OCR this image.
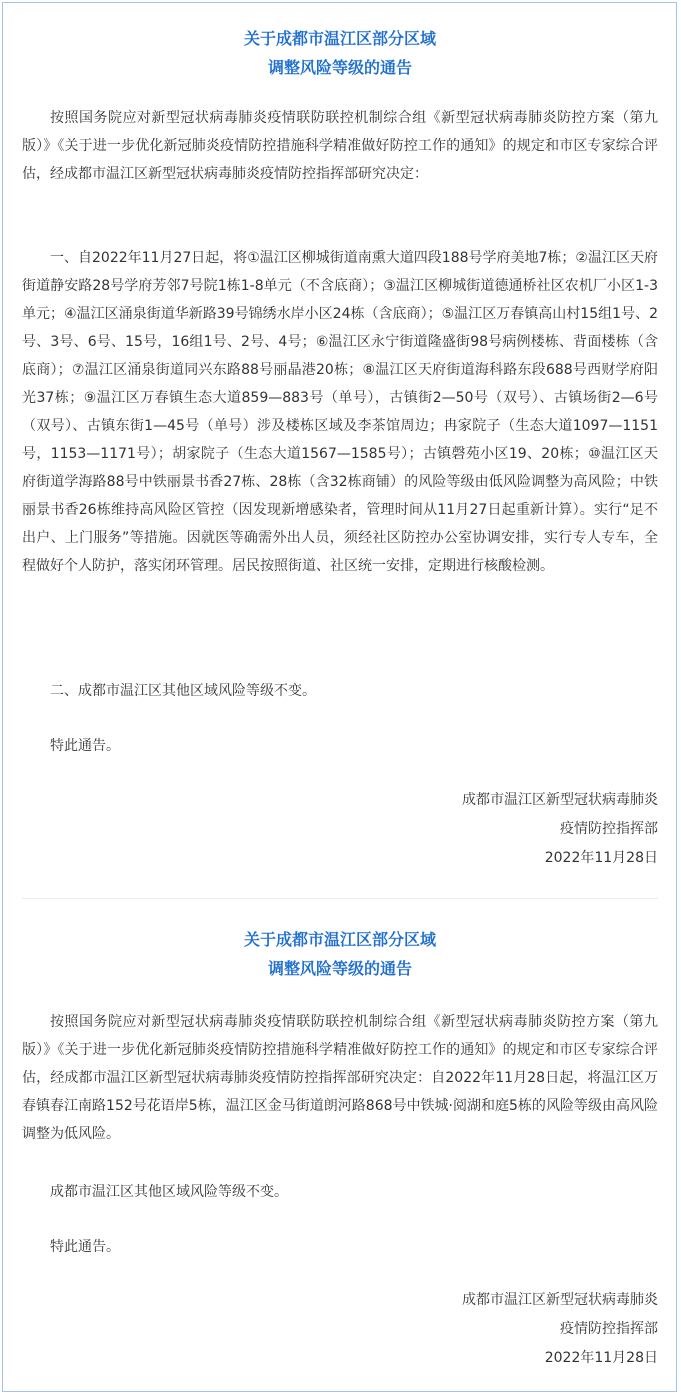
关于成都市温江区部分区域

调整风险等级的通告

按照国务院应对新型冠状病毒肺炎疫情联防联控机制综合组《新型冠状病毒肺炎防控方案（第九版）》《关于进一步优化新冠肺炎疫情防控措施科学精准做好防控工作的通知》的规定和市区专家综合评估，经成都市温江区新型冠状病毒肺炎疫情防控指挥部研究决定：

一、自2022年11月27日起，将①温江区柳城街道南熏大道四段188号学府美地7栋；②温江区天府街道静安路28号学府芳邻7号院1栋1-8单元（不含底商）；③温江区柳城街道德通桥社区农机厂小区1-3单元；④温江区涌泉街道华新路39号锦绣水岸小区24栋（含底商）；⑤温江区万春镇高山村15组1号、2号、3号、6号、15号，16组1号、2号、4号；⑥温江区永宁街道隆盛街98号病例楼栋、背面楼栋（含底商）；⑦温江区涌泉街道同兴东路88号丽晶港20栋；⑧温江区天府街道海科路东段688号西财学府阳光37栋；⑨温江区万春镇生态大道859—883号（单号），古镇街2—50号（双号）、古镇场街2—6号（双号）、古镇东街1—45号（单号）涉及楼栋区域及李茶馆周边；冉家院子（生态大道1097—1151号，1153—1171号）；胡家院子（生态大道1567—1585号）；古镇磬苑小区19、20栋；⑩温江区天府街道学海路88号中铁丽景书香27栋、28栋（含32栋商铺）的风险等级由低风险调整为高风险；中铁丽景书香26栋维持高风险区管控（因发现新增感染者，管理时间从11月27日起重新计算）。实行“足不出户、上门服务”等措施。因就医等确需外出人员，须经社区防控办公室协调安排，实行专人专车，全程做好个人防护，落实闭环管理。居民按照街道、社区统一安排，定期进行核酸检测。

二、成都市温江区其他区域风险等级不变。

特此通告。

成都市温江区新型冠状病毒肺炎

疫情防控指挥部

2022年11月28日

关于成都市温江区部分区域

调整风险等级的通告

按照国务院应对新型冠状病毒肺炎疫情联防联控机制综合组《新型冠状病毒肺炎防控方案（第九版）》《关于进一步优化新冠肺炎疫情防控措施科学精准做好防控工作的通知》的规定和市区专家综合评估，经成都市温江区新型冠状病毒肺炎疫情防控指挥部研究决定：自2022年11月28日起，将温江区万春镇春江南路152号花语岸5栋，温江区金马街道朗河路868号中铁城·阅湖和庭5栋的风险等级由高风险调整为低风险。

成都市温江区其他区域风险等级不变。

特此通告。

成都市温江区新型冠状病毒肺炎

疫情防控指挥部

2022年11月28日
